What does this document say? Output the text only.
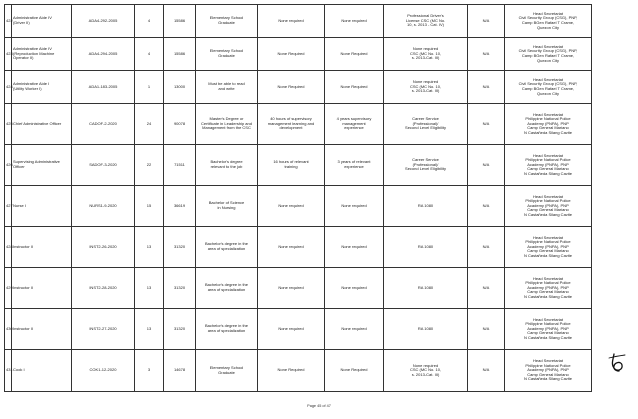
422	Administrative Aide IV
(Driver II)	ADA4-292-2005	4	15586	Elementary School
Graduate	None required	None required	Professional Driver's
License CSC (MC No.
10, s. 2013 - Cat. IV)	N/A	Head Secretariat
Civil Security Group (CSG), PNP,
Camp BGen Rafael T Crame,
Quezon City
423	Administrative Aide IV
(Reproduction Machine
Operator II)	ADA4-294-2005	4	15586	Elementary School
Graduate	None Required	None Required	None required
CSC (MC No. 10,
s. 2013-Cat. III)	N/A	Head Secretariat
Civil Security Group (CSG), PNP,
Camp BGen Rafael T Crame,
Quezon City
424	Administrative Aide I
(Utility Worker I)	ADA1-183-2005	1	13000	Must be able to read
and write	None Required	None Required	None required
CSC (MC No. 10,
s. 2013-Cat. III)	N/A	Head Secretariat
Civil Security Group (CSG), PNP,
Camp BGen Rafael T Crame,
Quezon City
425	Chief Administrative Officer	CADOF-2-2020	24	90078	Master's Degree or
Certificate in Leadership and
Management from the CSC	40 hours of supervisory
management learning and
development	4 years supervisory
management
experience	Career Service
(Professional)/
Second Level Eligibility	N/A	Head Secretariat
Philippine National Police
Academy (PNPA), PNP
Camp General Mariano
N Castañeda Silang Cavite
426	Supervising Administrative
Officer	SADOF-3-2020	22	71511	Bachelor's degree
relevant to the job	16 hours of relevant
training	3 years of relevant
experience	Career Service
(Professional)/
Second Level Eligibility	N/A	Head Secretariat
Philippine National Police
Academy (PNPA), PNP
Camp General Mariano
N Castañeda Silang Cavite
427	Nurse I	NURS1-9-2020	15	36619	Bachelor of Science
in Nursing	None required	None required	RA 1080	N/A	Head Secretariat
Philippine National Police
Academy (PNPA), PNP
Camp General Mariano
N Castañeda Silang Cavite
428	Instructor II	INST2-26-2020	13	31320	Bachelor's degree in the
area of specialization	None required	None required	RA 1080	N/A	Head Secretariat
Philippine National Police
Academy (PNPA), PNP
Camp General Mariano
N Castañeda Silang Cavite
429	Instructor II	INST2-28-2020	13	31320	Bachelor's degree in the
area of specialization	None required	None required	RA 1080	N/A	Head Secretariat
Philippine National Police
Academy (PNPA), PNP
Camp General Mariano
N Castañeda Silang Cavite
430	Instructor II	INST2-27-2020	13	31320	Bachelor's degree in the
area of specialization	None required	None required	RA 1080	N/A	Head Secretariat
Philippine National Police
Academy (PNPA), PNP
Camp General Mariano
N Castañeda Silang Cavite
431	Cook I	COK1-12-2020	3	14678	Elementary School
Graduate	None Required	None Required	None required
CSC (MC No. 10,
s. 2013-Cat. III)	N/A	Head Secretariat
Philippine National Police
Academy (PNPA), PNP
Camp General Mariano
N Castañeda Silang Cavite
Page 45 of 47
